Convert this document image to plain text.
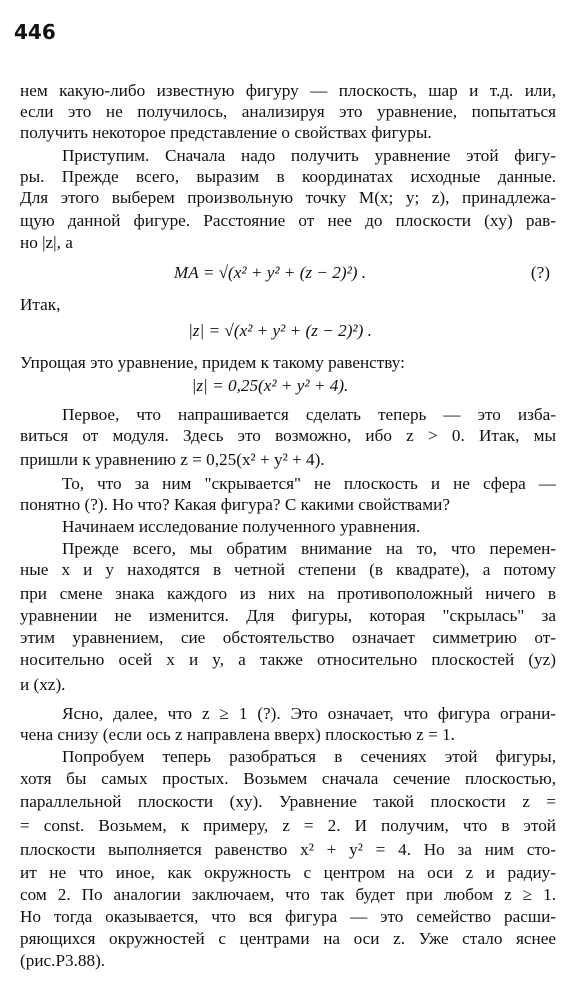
446
нем какую-либо известную фигуру — плоскость, шар и т.д. или,
если это не получилось, анализируя это уравнение, попытаться
получить некоторое представление о свойствах фигуры.
Приступим. Сначала надо получить уравнение этой фигу-
ры. Прежде всего, выразим в координатах исходные данные.
Для этого выберем произвольную точку M(x; y; z), принадлежа-
щую данной фигуре. Расстояние от нее до плоскости (xy) рав-
но |z|, а
MA = √(x² + y² + (z − 2)²) .	(?)
Итак,
|z| = √(x² + y² + (z − 2)²) .
Упрощая это уравнение, придем к такому равенству:
|z| = 0,25(x² + y² + 4).
Первое, что напрашивается сделать теперь — это изба-
виться от модуля. Здесь это возможно, ибо z > 0. Итак, мы
пришли к уравнению z = 0,25(x² + y² + 4).
То, что за ним "скрывается" не плоскость и не сфера —
понятно (?). Но что? Какая фигура? С какими свойствами?
Начинаем исследование полученного уравнения.
Прежде всего, мы обратим внимание на то, что перемен-
ные x и y находятся в четной степени (в квадрате), а потому
при смене знака каждого из них на противоположный ничего в
уравнении не изменится. Для фигуры, которая "скрылась" за
этим уравнением, сие обстоятельство означает симметрию от-
носительно осей x и y, а также относительно плоскостей (yz)
и (xz).
Ясно, далее, что z ≥ 1 (?). Это означает, что фигура ограни-
чена снизу (если ось z направлена вверх) плоскостью z = 1.
Попробуем теперь разобраться в сечениях этой фигуры,
хотя бы самых простых. Возьмем сначала сечение плоскостью,
параллельной плоскости (xy). Уравнение такой плоскости z =
= const. Возьмем, к примеру, z = 2. И получим, что в этой
плоскости выполняется равенство x² + y² = 4. Но за ним сто-
ит не что иное, как окружность с центром на оси z и радиу-
сом 2. По аналогии заключаем, что так будет при любом z ≥ 1.
Но тогда оказывается, что вся фигура — это семейство расши-
ряющихся окружностей с центрами на оси z. Уже стало яснее
(рис.Р3.88).
